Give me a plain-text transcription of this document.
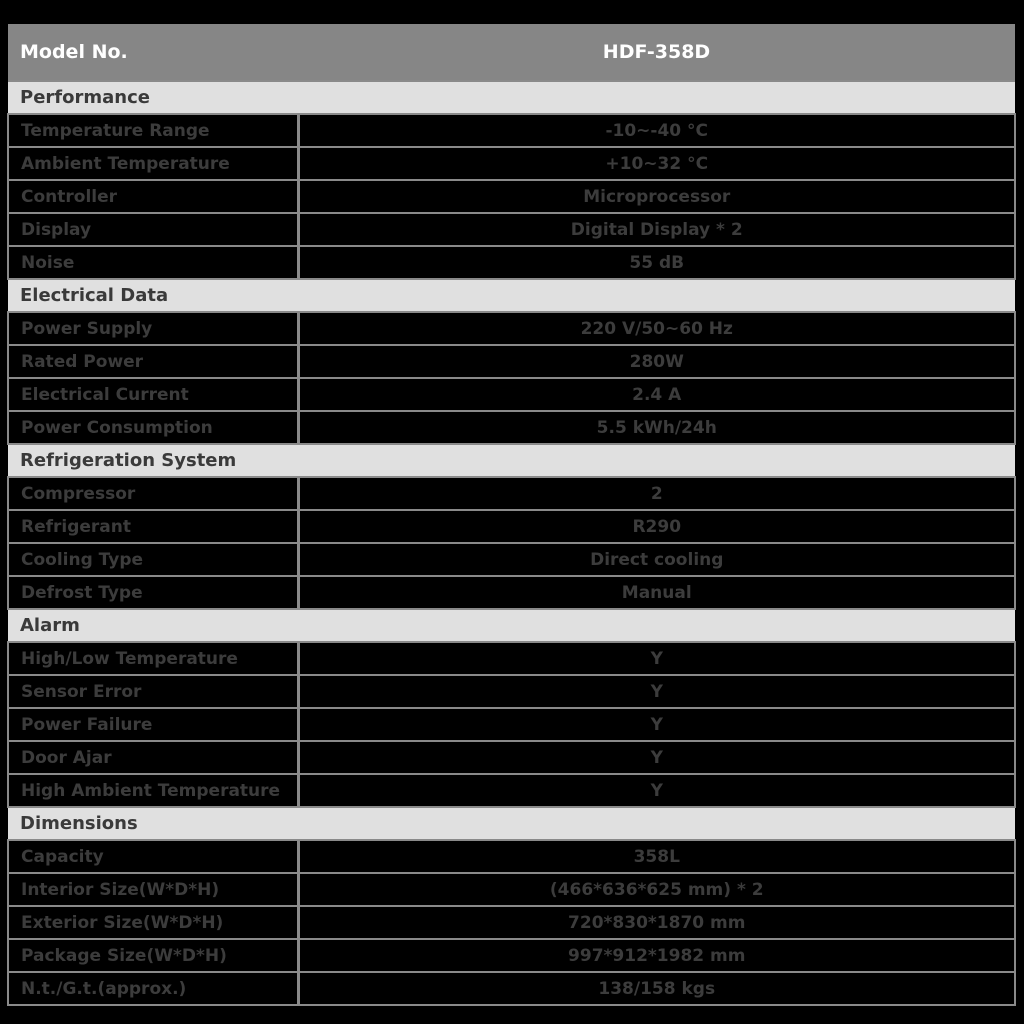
Model No.	HDF-358D
Performance	
Temperature Range	-10~-40 °C
Ambient Temperature	+10~32 °C
Controller	Microprocessor
Display	Digital Display * 2
Noise	55 dB
Electrical Data	
Power Supply	220 V/50~60 Hz
Rated Power	280W
Electrical Current	2.4 A
Power Consumption	5.5 kWh/24h
Refrigeration System	
Compressor	2
Refrigerant	R290
Cooling Type	Direct cooling
Defrost Type	Manual
Alarm	
High/Low Temperature	Y
Sensor Error	Y
Power Failure	Y
Door Ajar	Y
High Ambient Temperature	Y
Dimensions	
Capacity	358L
Interior Size(W*D*H)	(466*636*625 mm) * 2
Exterior Size(W*D*H)	720*830*1870 mm
Package Size(W*D*H)	997*912*1982 mm
N.t./G.t.(approx.)	138/158 kgs
